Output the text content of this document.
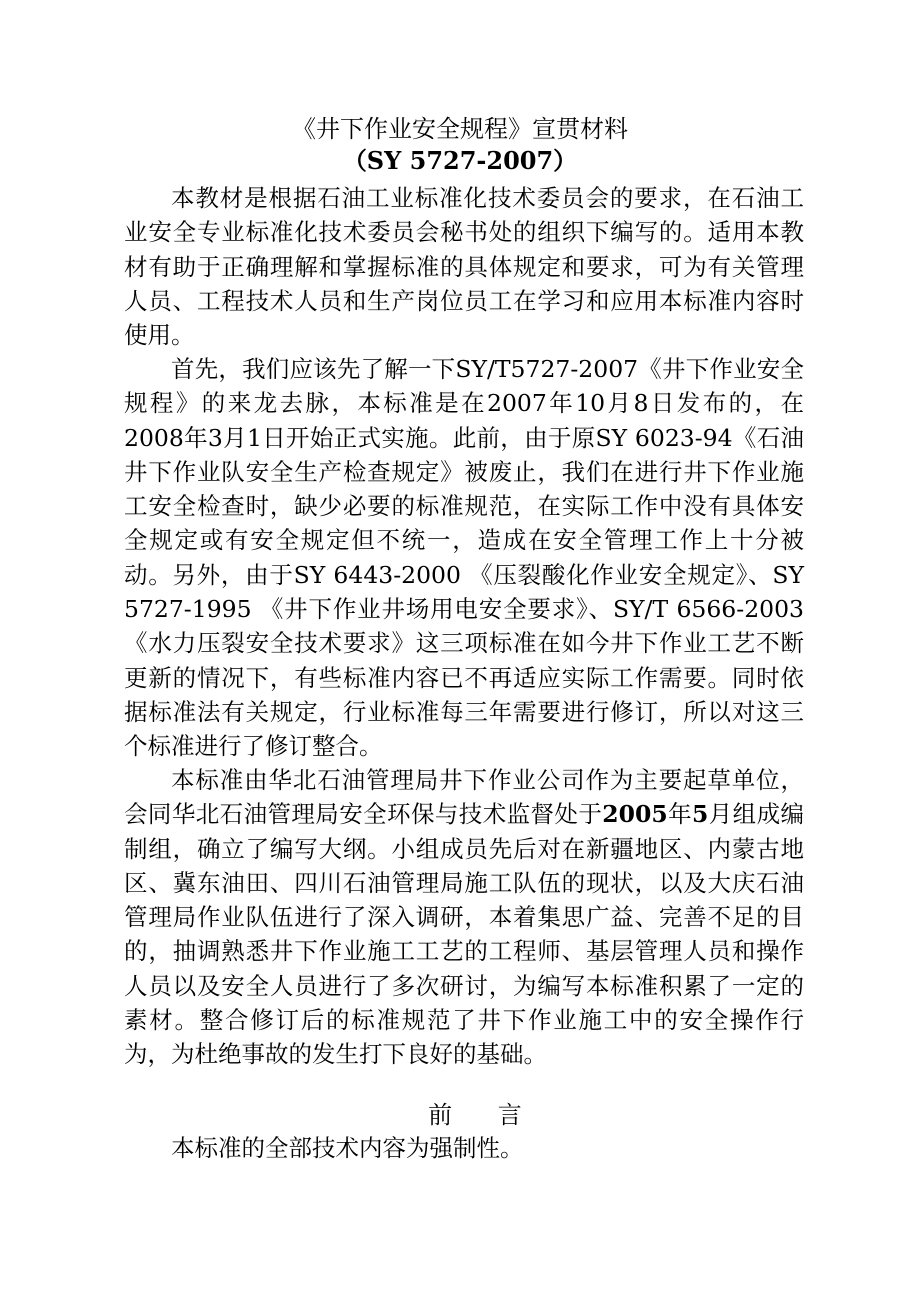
《井下作业安全规程》宣贯材料
（SY 5727-2007）

本教材是根据石油工业标准化技术委员会的要求，在石油工业安全专业标准化技术委员会秘书处的组织下编写的。适用本教材有助于正确理解和掌握标准的具体规定和要求，可为有关管理人员、工程技术人员和生产岗位员工在学习和应用本标准内容时使用。

首先，我们应该先了解一下SY/T5727-2007《井下作业安全规程》的来龙去脉，本标准是在2007年10月8日发布的，在2008年3月1日开始正式实施。此前，由于原SY 6023-94《石油井下作业队安全生产检查规定》被废止，我们在进行井下作业施工安全检查时，缺少必要的标准规范，在实际工作中没有具体安全规定或有安全规定但不统一，造成在安全管理工作上十分被动。另外，由于SY 6443-2000 《压裂酸化作业安全规定》、SY 5727-1995 《井下作业井场用电安全要求》、SY/T 6566-2003《水力压裂安全技术要求》这三项标准在如今井下作业工艺不断更新的情况下，有些标准内容已不再适应实际工作需要。同时依据标准法有关规定，行业标准每三年需要进行修订，所以对这三个标准进行了修订整合。

本标准由华北石油管理局井下作业公司作为主要起草单位，会同华北石油管理局安全环保与技术监督处于2005年5月组成编制组，确立了编写大纲。小组成员先后对在新疆地区、内蒙古地区、冀东油田、四川石油管理局施工队伍的现状，以及大庆石油管理局作业队伍进行了深入调研，本着集思广益、完善不足的目的，抽调熟悉井下作业施工工艺的工程师、基层管理人员和操作人员以及安全人员进行了多次研讨，为编写本标准积累了一定的素材。整合修订后的标准规范了井下作业施工中的安全操作行为，为杜绝事故的发生打下良好的基础。

前 言

本标准的全部技术内容为强制性。
